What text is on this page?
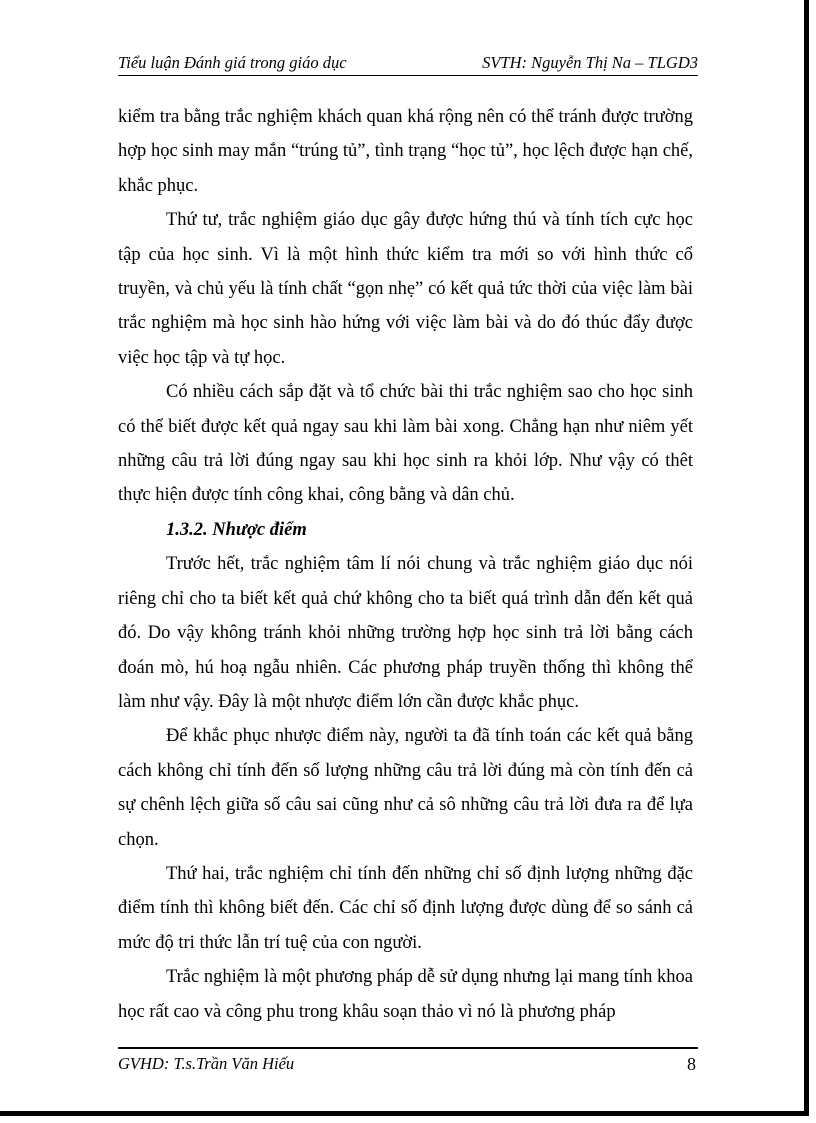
Tiểu luận Đánh giá trong giáo dục	SVTH: Nguyễn Thị Na – TLGD3

kiểm tra bằng trắc nghiệm khách quan khá rộng nên có thể tránh được trường hợp học sinh may mắn “trúng tủ”, tình trạng “học tủ”, học lệch được hạn chế, khắc phục.

Thứ tư, trắc nghiệm giáo dục gây được hứng thú và tính tích cực học tập của học sinh. Vì là một hình thức kiểm tra mới so với hình thức cổ truyền, và chủ yếu là tính chất “gọn nhẹ” có kết quả tức thời của việc làm bài trắc nghiệm mà học sinh hào hứng với việc làm bài và do đó thúc đẩy được việc học tập và tự học.

Có nhiều cách sắp đặt và tổ chức bài thi trắc nghiệm sao cho học sinh có thể biết được kết quả ngay sau khi làm bài xong. Chẳng hạn như niêm yết những câu trả lời đúng ngay sau khi học sinh ra khỏi lớp. Như vậy có thêt thực hiện được tính công khai, công bằng và dân chủ.

1.3.2. Nhược điểm

Trước hết, trắc nghiệm tâm lí nói chung và trắc nghiệm giáo dục nói riêng chỉ cho ta biết kết quả chứ không cho ta biết quá trình dẫn đến kết quả đó. Do vậy không tránh khỏi những trường hợp học sinh trả lời bằng cách đoán mò, hú hoạ ngẫu nhiên. Các phương pháp truyền thống thì không thể làm như vậy. Đây là một nhược điểm lớn cần được khắc phục.

Để khắc phục nhược điểm này, người ta đã tính toán các kết quả bằng cách không chỉ tính đến số lượng những câu trả lời đúng mà còn tính đến cả sự chênh lệch giữa số câu sai cũng như cả sô những câu trả lời đưa ra để lựa chọn.

Thứ hai, trắc nghiệm chỉ tính đến những chỉ số định lượng những đặc điểm tính thì không biết đến. Các chỉ số định lượng được dùng để so sánh cả mức độ tri thức lẫn trí tuệ của con người.

Trắc nghiệm là một phương pháp dễ sử dụng nhưng lại mang tính khoa học rất cao và công phu trong khâu soạn thảo vì nó là phương pháp

GVHD: T.s.Trần Văn Hiếu	8
